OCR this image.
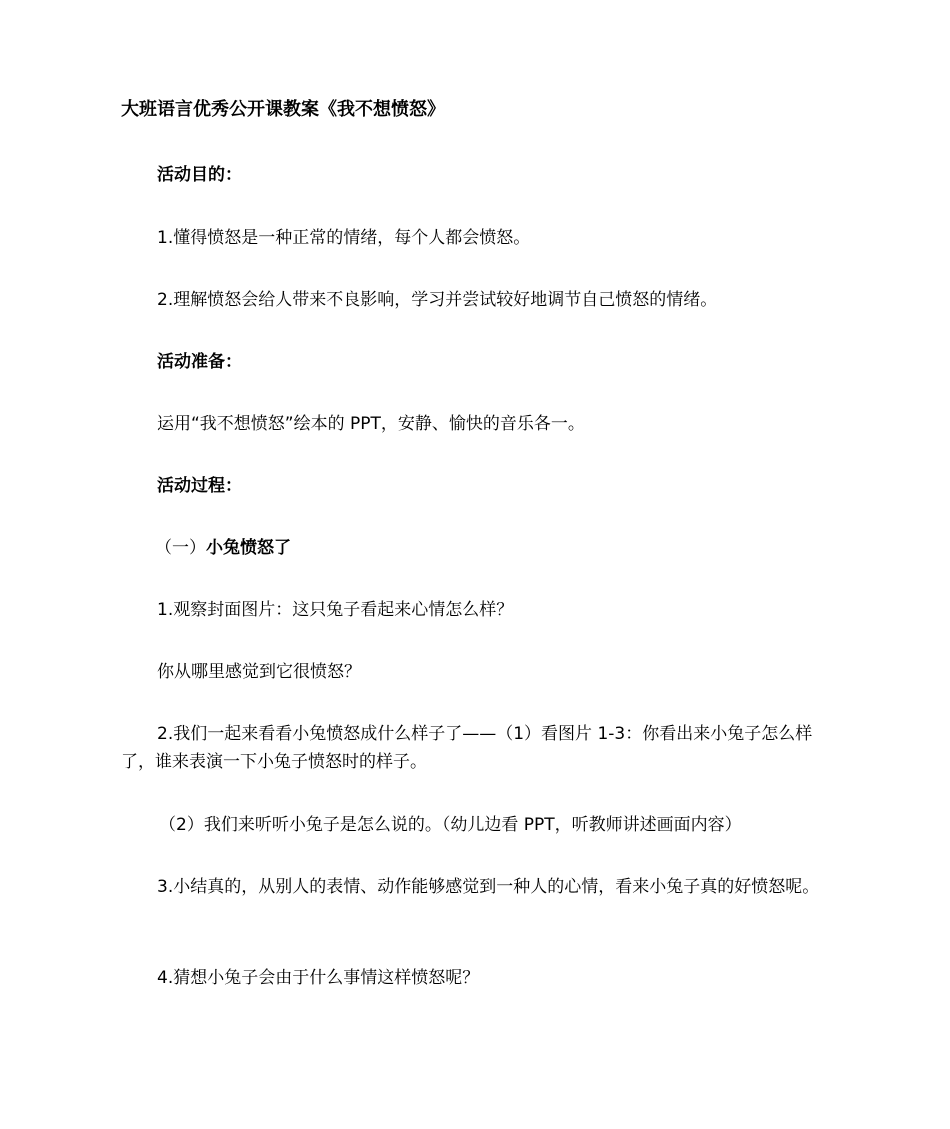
大班语言优秀公开课教案《我不想愤怒》
活动目的：
1.懂得愤怒是一种正常的情绪，每个人都会愤怒。
2.理解愤怒会给人带来不良影响，学习并尝试较好地调节自己愤怒的情绪。
活动准备：
运用“我不想愤怒”绘本的 PPT，安静、愉快的音乐各一。
活动过程：
（一）小兔愤怒了
1.观察封面图片：这只兔子看起来心情怎么样？
你从哪里感觉到它很愤怒？
2.我们一起来看看小兔愤怒成什么样子了——（1）看图片 1-3：你看出来小兔子怎么样了，谁来表演一下小兔子愤怒时的样子。
（2）我们来听听小兔子是怎么说的。（幼儿边看 PPT，听教师讲述画面内容）
3.小结真的，从别人的表情、动作能够感觉到一种人的心情，看来小兔子真的好愤怒呢。
4.猜想小兔子会由于什么事情这样愤怒呢？
